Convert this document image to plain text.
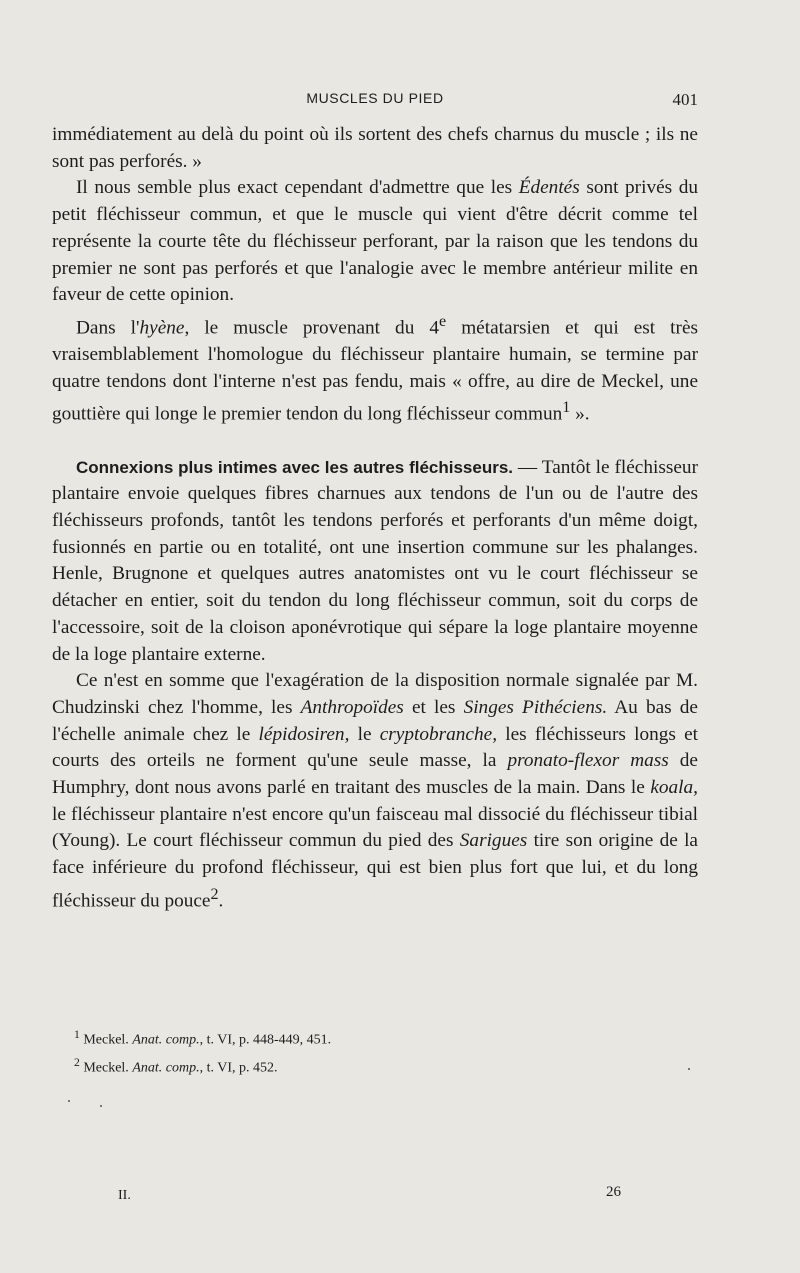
MUSCLES DU PIED	401

immédiatement au delà du point où ils sortent des chefs charnus du muscle ; ils ne sont pas perforés. »

Il nous semble plus exact cependant d'admettre que les Édentés sont privés du petit fléchisseur commun, et que le muscle qui vient d'être décrit comme tel représente la courte tête du fléchisseur perforant, par la raison que les tendons du premier ne sont pas perforés et que l'analogie avec le membre antérieur milite en faveur de cette opinion.

Dans l'hyène, le muscle provenant du 4e métatarsien et qui est très vraisemblablement l'homologue du fléchisseur plantaire humain, se termine par quatre tendons dont l'interne n'est pas fendu, mais « offre, au dire de Meckel, une gouttière qui longe le premier tendon du long fléchisseur commun$^1$ ».

Connexions plus intimes avec les autres fléchisseurs. — Tantôt le fléchisseur plantaire envoie quelques fibres charnues aux tendons de l'un ou de l'autre des fléchisseurs profonds, tantôt les tendons perforés et perforants d'un même doigt, fusionnés en partie ou en totalité, ont une insertion commune sur les phalanges. Henle, Brugnone et quelques autres anatomistes ont vu le court fléchisseur se détacher en entier, soit du tendon du long fléchisseur commun, soit du corps de l'accessoire, soit de la cloison aponévrotique qui sépare la loge plantaire moyenne de la loge plantaire externe.

Ce n'est en somme que l'exagération de la disposition normale signalée par M. Chudzinski chez l'homme, les Anthropoïdes et les Singes Pithéciens. Au bas de l'échelle animale chez le lépidosiren, le cryptobranche, les fléchisseurs longs et courts des orteils ne forment qu'une seule masse, la pronato-flexor mass de Humphry, dont nous avons parlé en traitant des muscles de la main. Dans le koala, le fléchisseur plantaire n'est encore qu'un faisceau mal dissocié du fléchisseur tibial (Young). Le court fléchisseur commun du pied des Sarigues tire son origine de la face inférieure du profond fléchisseur, qui est bien plus fort que lui, et du long fléchisseur du pouce$^2$.

$^1$ Meckel. Anat. comp., t. VI, p. 448-449, 451.

$^2$ Meckel. Anat. comp., t. VI, p. 452.

II.	26
